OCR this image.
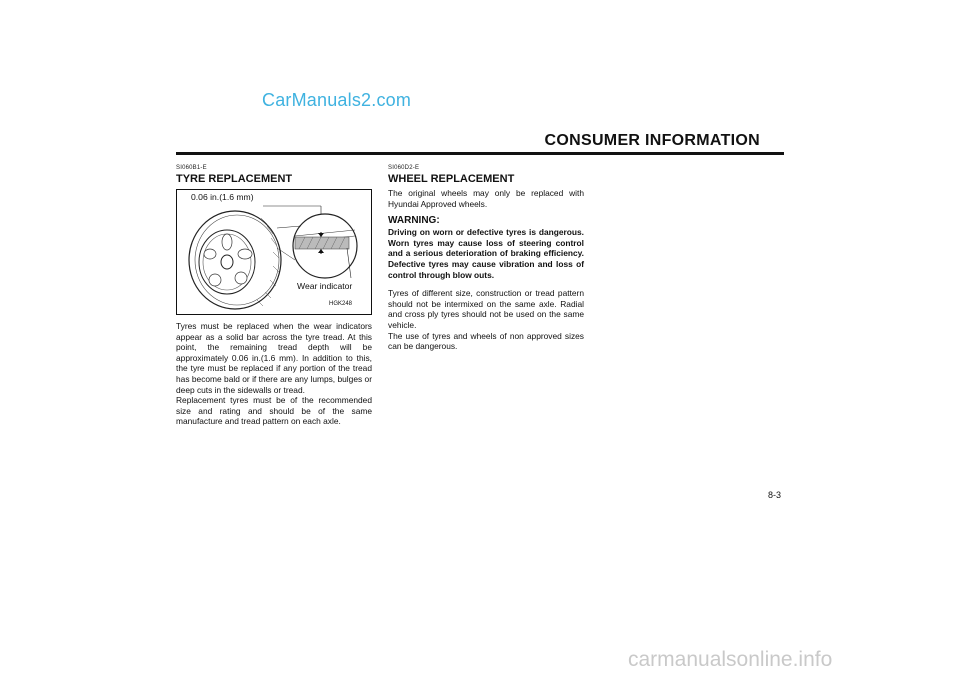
CarManuals2.com
CONSUMER INFORMATION
SI060B1-E
TYRE REPLACEMENT
0.06 in.(1.6 mm)
Wear indicator
HGK248

Tyres must be replaced when the wear indicators appear as a solid bar across the tyre tread. At this point, the remaining tread depth will be approximately 0.06 in.(1.6 mm). In addition to this, the tyre must be replaced if any portion of the tread has become bald or if there are any lumps, bulges or deep cuts in the sidewalls or tread.

Replacement tyres must be of the recommended size and rating and should be of the same manufacture and tread pattern on each axle.

SI060D2-E
WHEEL REPLACEMENT

The original wheels may only be replaced with Hyundai Approved wheels.

WARNING:

Driving on worn or defective tyres is dangerous. Worn tyres may cause loss of steering control and a serious deterioration of braking efficiency. Defective tyres may cause vibration and loss of control through blow outs.

Tyres of different size, construction or tread pattern should not be intermixed on the same axle. Radial and cross ply tyres should not be used on the same vehicle.

The use of tyres and wheels of non approved sizes can be dangerous.

8-3
carmanualsonline.info
